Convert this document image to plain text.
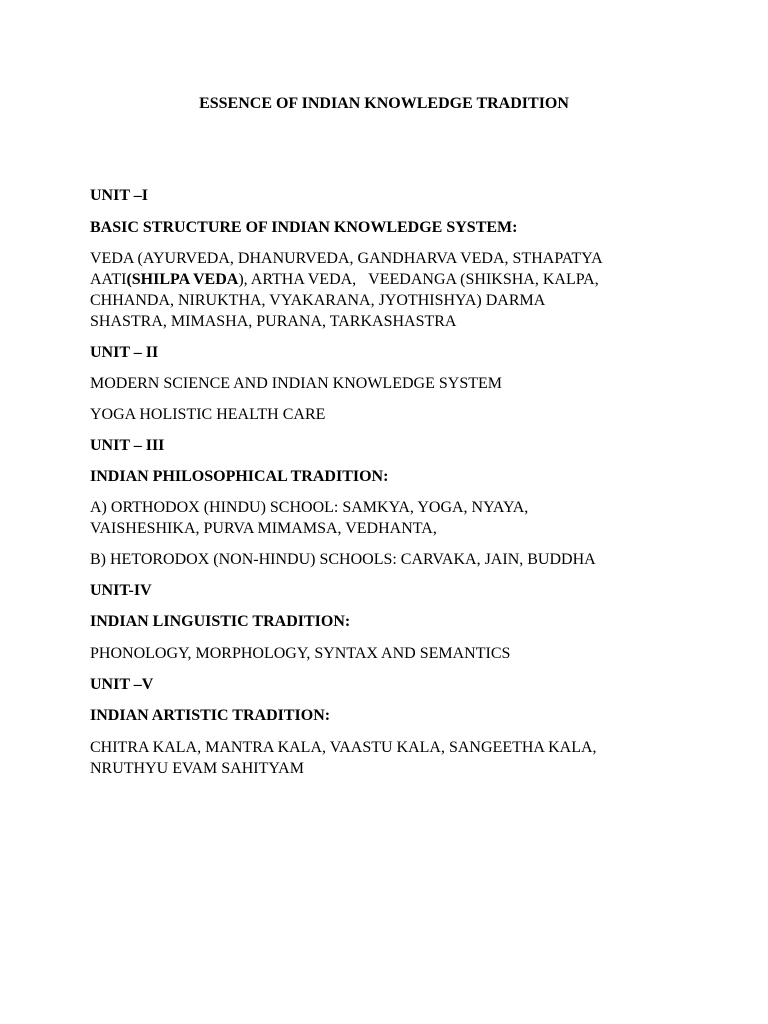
ESSENCE OF INDIAN KNOWLEDGE TRADITION
UNIT –I
BASIC STRUCTURE OF INDIAN KNOWLEDGE SYSTEM:
VEDA (AYURVEDA, DHANURVEDA, GANDHARVA VEDA, STHAPATYA
AATI(SHILPA VEDA), ARTHA VEDA,   VEEDANGA (SHIKSHA, KALPA,
CHHANDA, NIRUKTHA, VYAKARANA, JYOTHISHYA) DARMA
SHASTRA, MIMASHA, PURANA, TARKASHASTRA
UNIT – II
MODERN SCIENCE AND INDIAN KNOWLEDGE SYSTEM
YOGA HOLISTIC HEALTH CARE
UNIT – III
INDIAN PHILOSOPHICAL TRADITION:
A) ORTHODOX (HINDU) SCHOOL: SAMKYA, YOGA, NYAYA,
VAISHESHIKA, PURVA MIMAMSA, VEDHANTA,
B) HETORODOX (NON-HINDU) SCHOOLS: CARVAKA, JAIN, BUDDHA
UNIT-IV
INDIAN LINGUISTIC TRADITION:
PHONOLOGY, MORPHOLOGY, SYNTAX AND SEMANTICS
UNIT –V
INDIAN ARTISTIC TRADITION:
CHITRA KALA, MANTRA KALA, VAASTU KALA, SANGEETHA KALA,
NRUTHYU EVAM SAHITYAM
